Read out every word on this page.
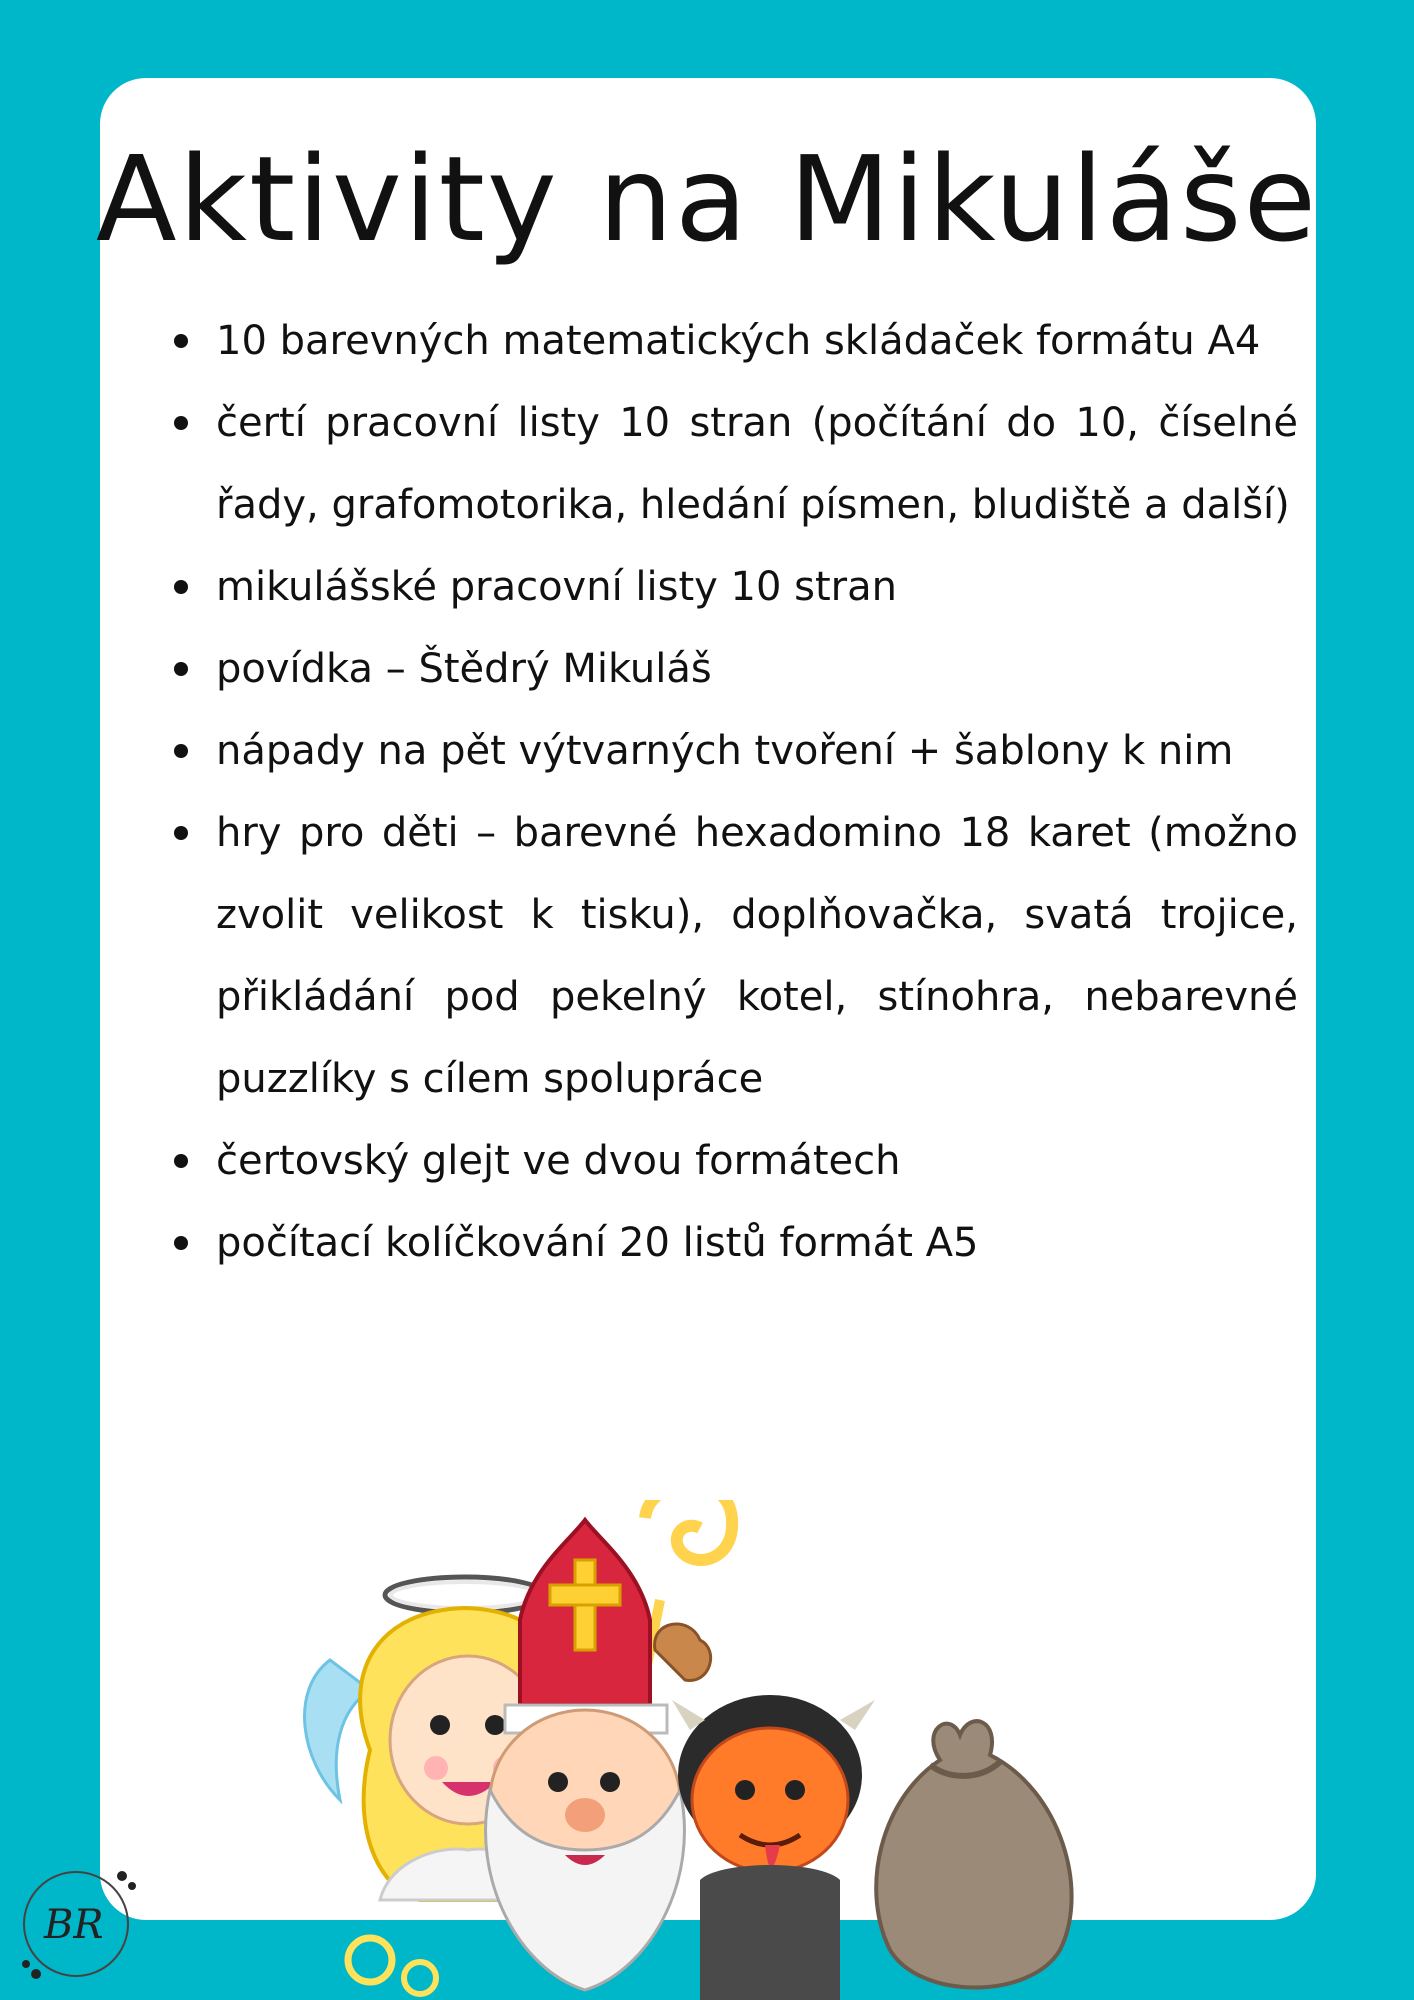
Aktivity na Mikuláše
10 barevných matematických skládaček formátu A4
čertí pracovní listy 10 stran (počítání do 10, číselné řady, grafomotorika, hledání písmen, bludiště a další)
mikulášské pracovní listy 10 stran
povídka – Štědrý Mikuláš
nápady na pět výtvarných tvoření + šablony k nim
hry pro děti – barevné hexadomino 18 karet (možno zvolit velikost k tisku), doplňovačka, svatá trojice, přikládání pod pekelný kotel, stínohra, nebarevné puzzlíky s cílem spolupráce
čertovský glejt ve dvou formátech
počítací kolíčkování 20 listů formát A5
BR
